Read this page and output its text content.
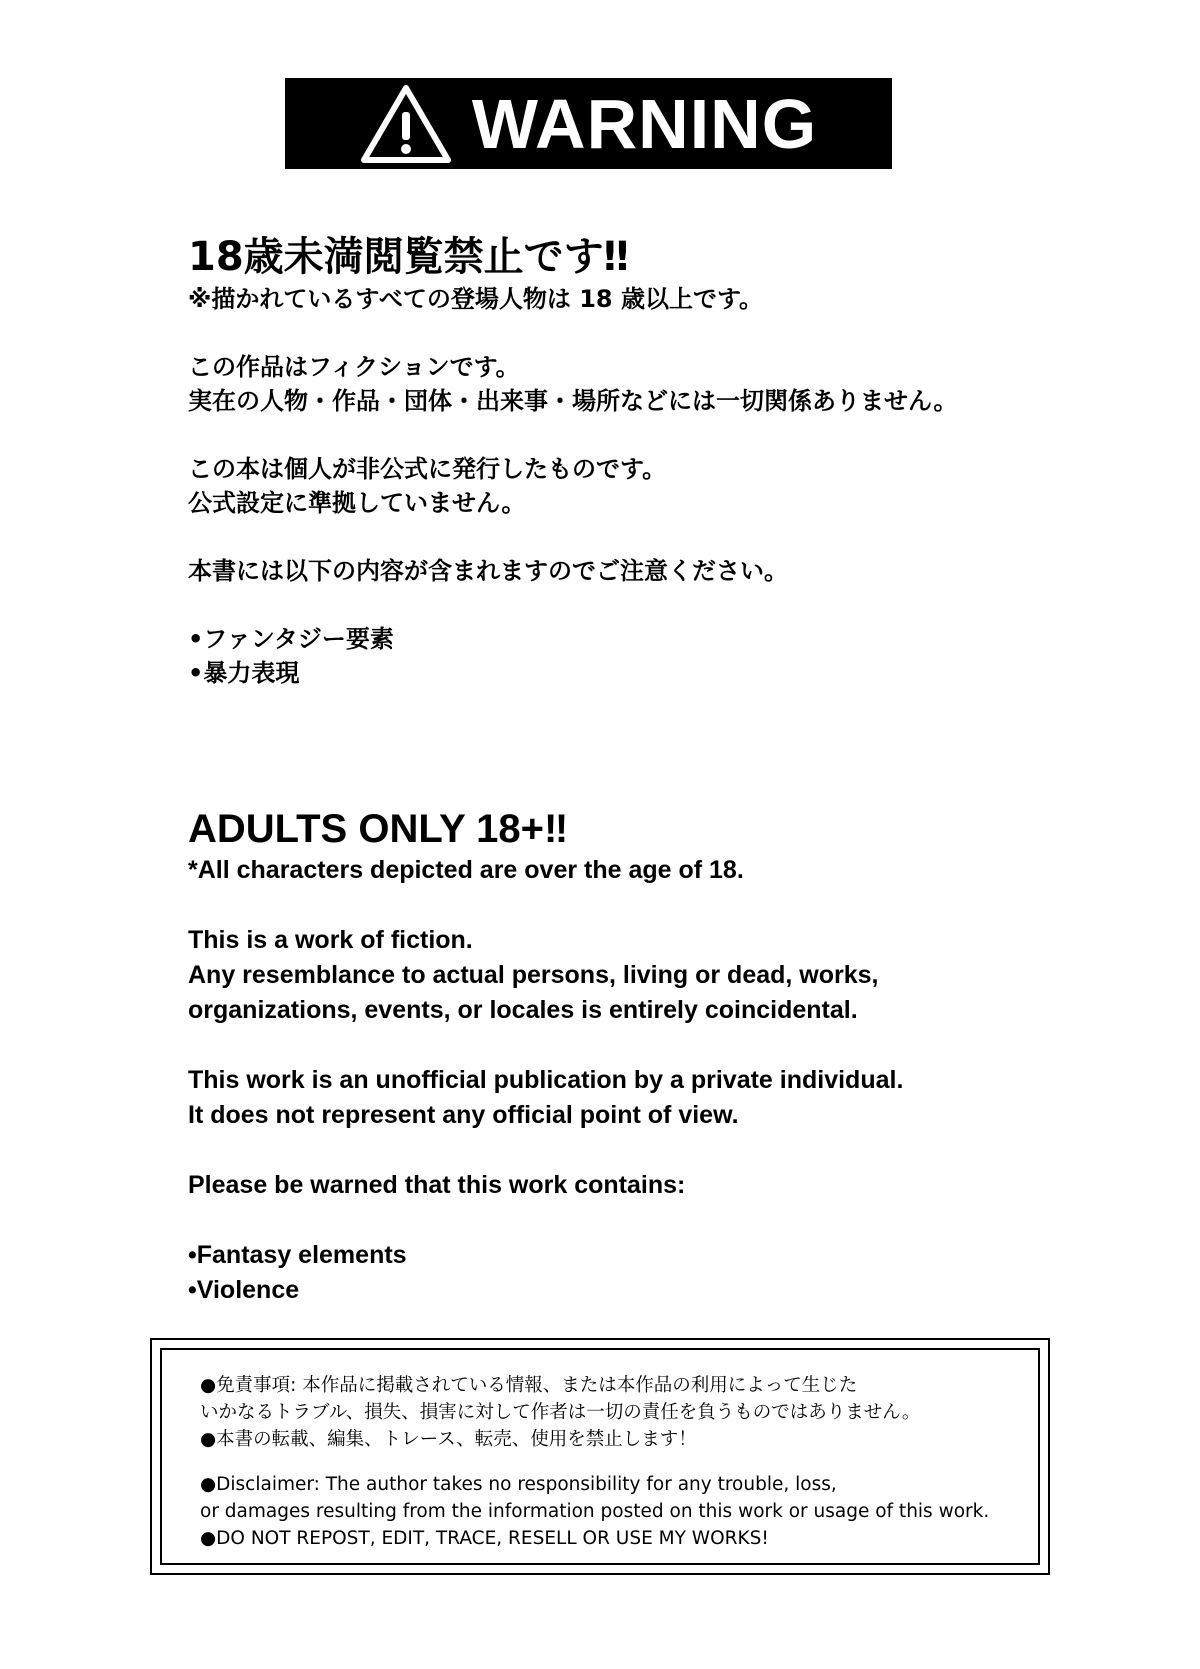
WARNING

18歳未満閲覧禁止です‼

※描かれているすべての登場人物は 18 歳以上です。

この作品はフィクションです。

実在の人物・作品・団体・出来事・場所などには一切関係ありません。

この本は個人が非公式に発行したものです。

公式設定に準拠していません。

本書には以下の内容が含まれますのでご注意ください。

•ファンタジー要素

•暴力表現

ADULTS ONLY 18+‼

*All characters depicted are over the age of 18.

This is a work of fiction.

Any resemblance to actual persons, living or dead, works,

organizations, events, or locales is entirely coincidental.

This work is an unofficial publication by a private individual.

It does not represent any official point of view.

Please be warned that this work contains:

•Fantasy elements

•Violence

●免責事項: 本作品に掲載されている情報、または本作品の利用によって生じた

いかなるトラブル、損失、損害に対して作者は一切の責任を負うものではありません。

●本書の転載、編集、トレース、転売、使用を禁止します！

●Disclaimer: The author takes no responsibility for any trouble, loss,

or damages resulting from the information posted on this work or usage of this work.

●DO NOT REPOST, EDIT, TRACE, RESELL OR USE MY WORKS!
